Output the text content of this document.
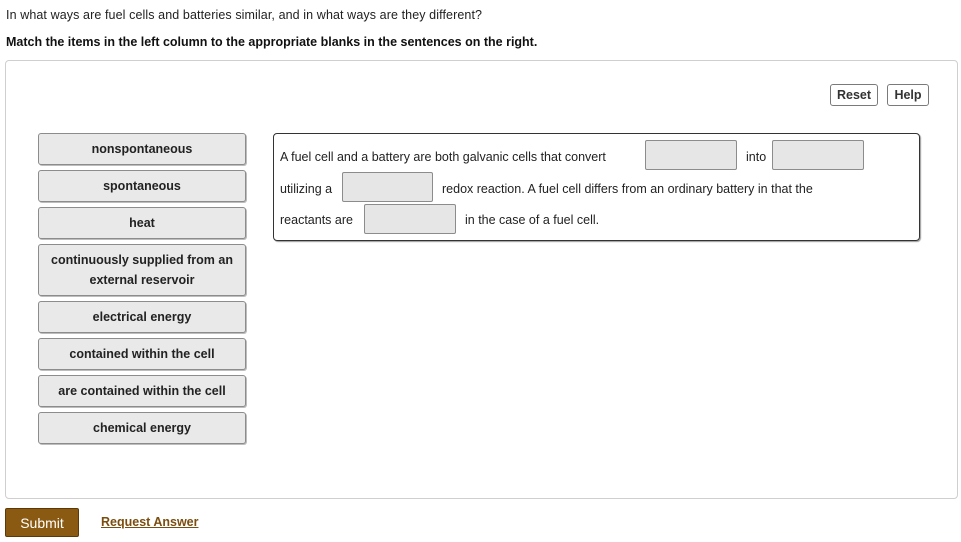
In what ways are fuel cells and batteries similar, and in what ways are they different?
Match the items in the left column to the appropriate blanks in the sentences on the right.
Reset	Help
nonspontaneous
spontaneous
heat
continuously supplied from an external reservoir
electrical energy
contained within the cell
are contained within the cell
chemical energy
A fuel cell and a battery are both galvanic cells that convert	into
utilizing a	redox reaction. A fuel cell differs from an ordinary battery in that the
reactants are	in the case of a fuel cell.
Submit	Request Answer
